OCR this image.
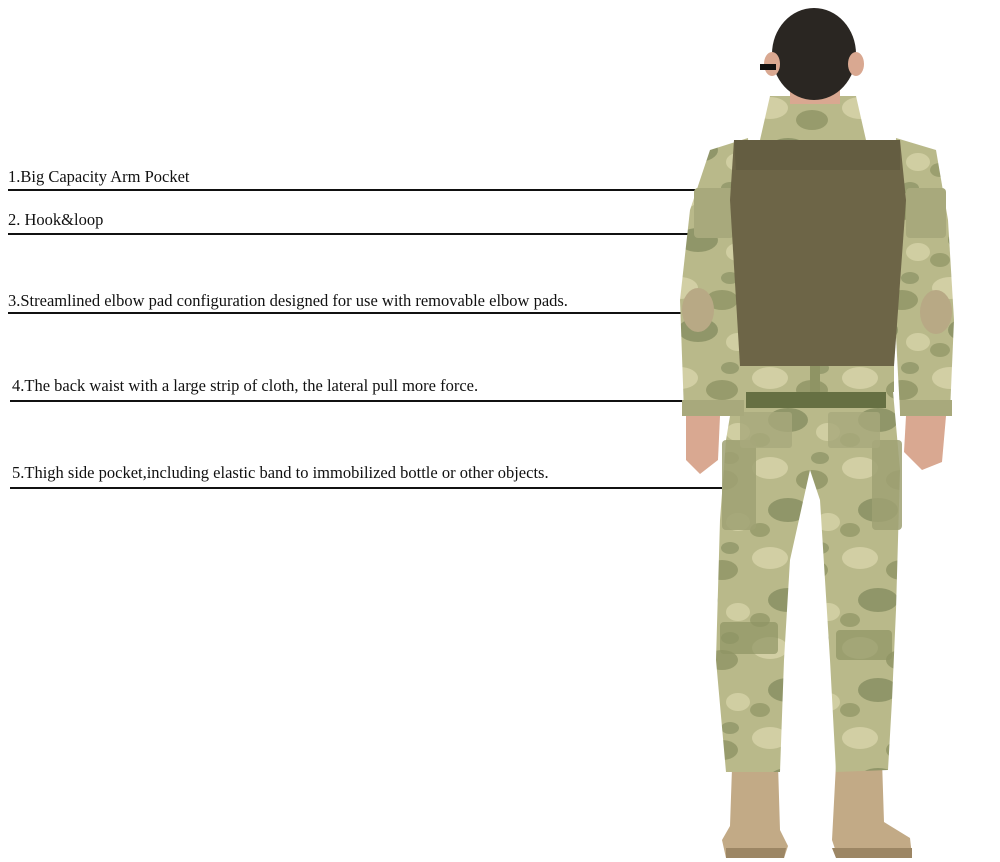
1.Big Capacity Arm Pocket
2. Hook&loop
3.Streamlined elbow pad configuration designed for use with removable elbow pads.
4.The back waist with a large strip of cloth, the lateral pull more force.
5.Thigh side pocket,including elastic band to immobilized bottle or other objects.
